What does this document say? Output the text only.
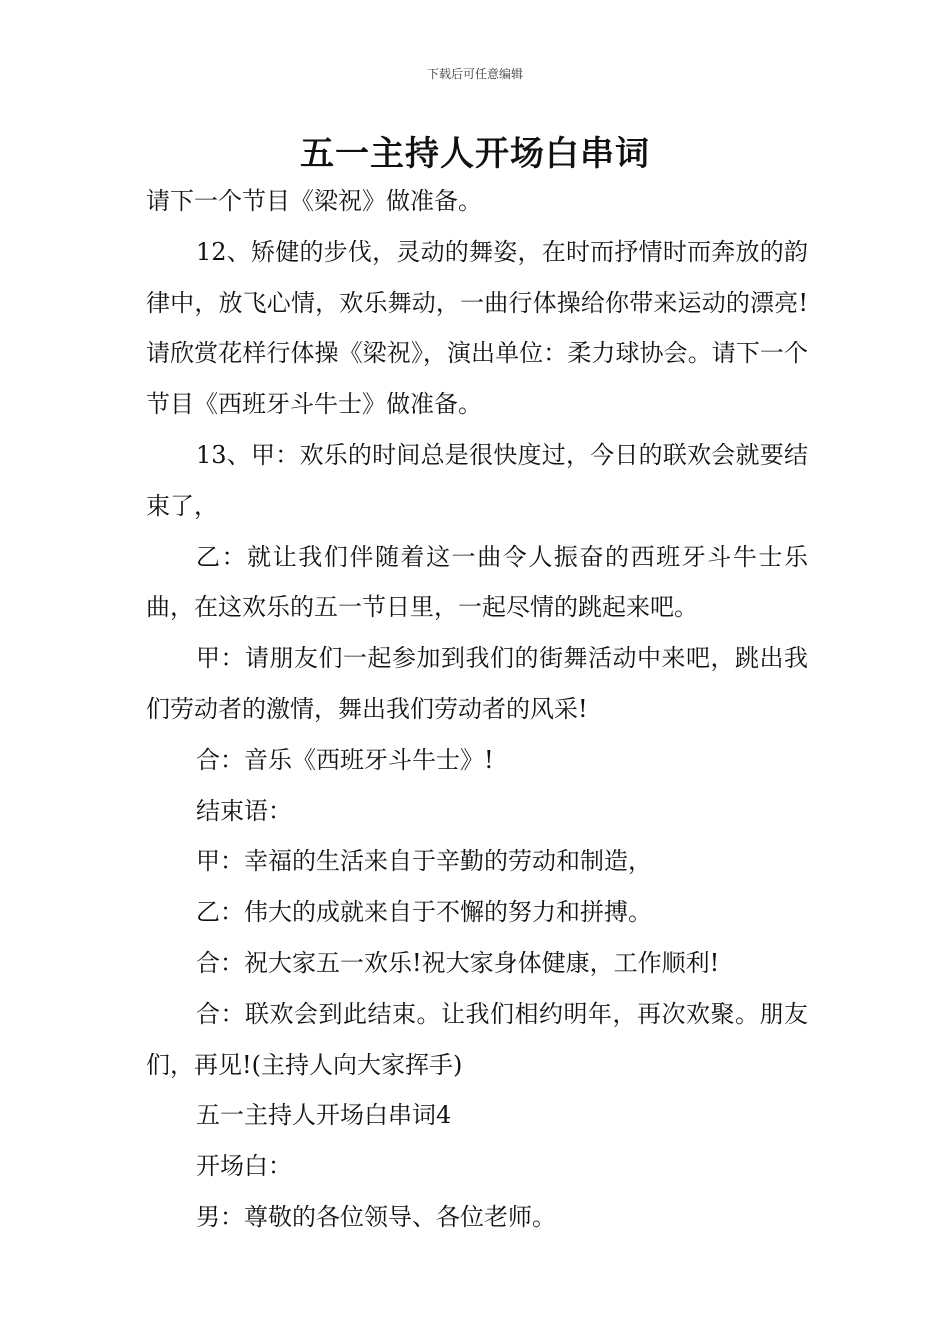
下载后可任意编辑
五一主持人开场白串词

请下一个节目《梁祝》做准备。

12、矫健的步伐，灵动的舞姿，在时而抒情时而奔放的韵律中，放飞心情，欢乐舞动，一曲行体操给你带来运动的漂亮!请欣赏花样行体操《梁祝》，演出单位：柔力球协会。请下一个节目《西班牙斗牛士》做准备。

13、甲：欢乐的时间总是很快度过，今日的联欢会就要结束了，

乙：就让我们伴随着这一曲令人振奋的西班牙斗牛士乐曲，在这欢乐的五一节日里，一起尽情的跳起来吧。

甲：请朋友们一起参加到我们的街舞活动中来吧，跳出我们劳动者的激情，舞出我们劳动者的风采!

合：音乐《西班牙斗牛士》!

结束语：

甲：幸福的生活来自于辛勤的劳动和制造，

乙：伟大的成就来自于不懈的努力和拼搏。

合：祝大家五一欢乐!祝大家身体健康，工作顺利!

合：联欢会到此结束。让我们相约明年，再次欢聚。朋友们，再见!(主持人向大家挥手)

五一主持人开场白串词4

开场白：

男：尊敬的各位领导、各位老师。
